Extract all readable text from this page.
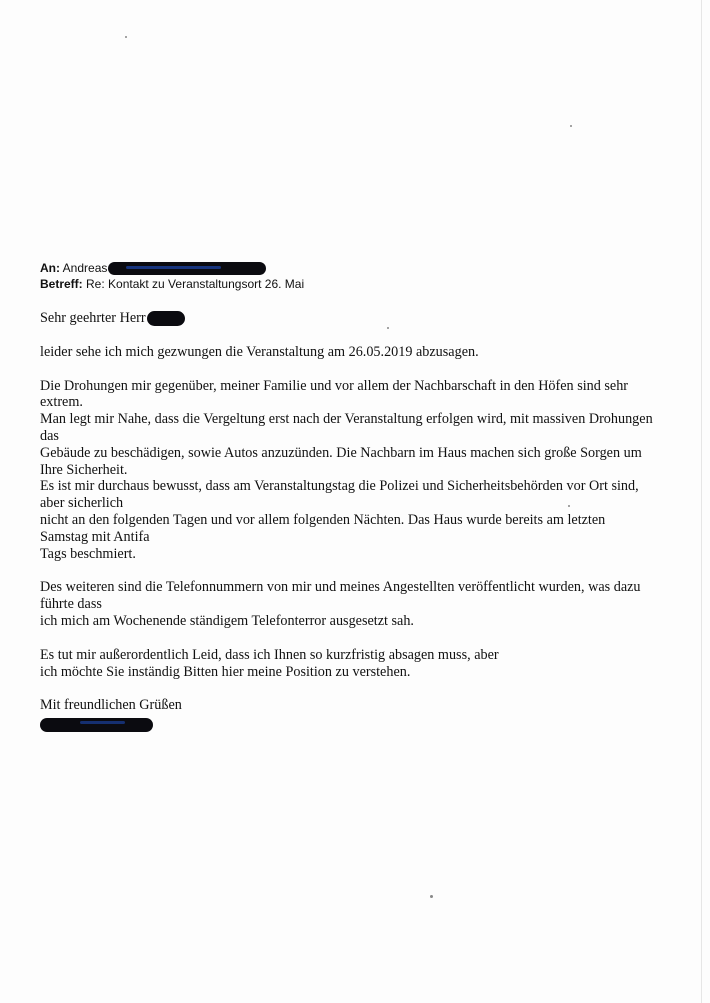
An: Andreas
Betreff: Re: Kontakt zu Veranstaltungsort 26. Mai
Sehr geehrter Herr
leider sehe ich mich gezwungen die Veranstaltung am 26.05.2019 abzusagen.
Die Drohungen mir gegenüber, meiner Familie und vor allem der Nachbarschaft in den Höfen sind sehr
extrem.
Man legt mir Nahe, dass die Vergeltung erst nach der Veranstaltung erfolgen wird, mit massiven Drohungen
das
Gebäude zu beschädigen, sowie Autos anzuzünden. Die Nachbarn im Haus machen sich große Sorgen um
Ihre Sicherheit.
Es ist mir durchaus bewusst, dass am Veranstaltungstag die Polizei und Sicherheitsbehörden vor Ort sind,
aber sicherlich
nicht an den folgenden Tagen und vor allem folgenden Nächten. Das Haus wurde bereits am letzten
Samstag mit Antifa
Tags beschmiert.
Des weiteren sind die Telefonnummern von mir und meines Angestellten veröffentlicht wurden, was dazu
führte dass
ich mich am Wochenende ständigem Telefonterror ausgesetzt sah.
Es tut mir außerordentlich Leid, dass ich Ihnen so kurzfristig absagen muss, aber
ich möchte Sie inständig Bitten hier meine Position zu verstehen.
Mit freundlichen Grüßen
